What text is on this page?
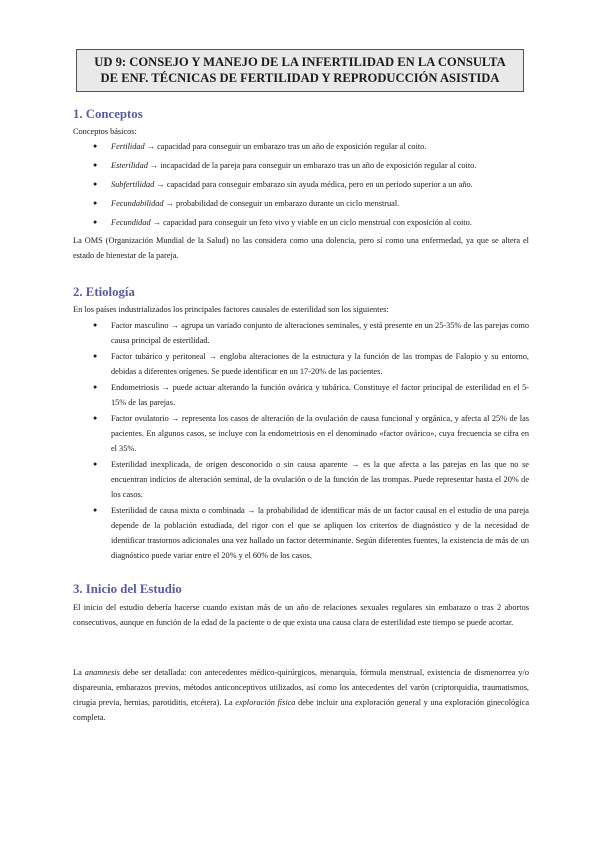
UD 9: CONSEJO Y MANEJO DE LA INFERTILIDAD EN LA CONSULTA
DE ENF. TÉCNICAS DE FERTILIDAD Y REPRODUCCIÓN ASISTIDA
1. Conceptos
Conceptos básicos:
● Fertilidad → capacidad para conseguir un embarazo tras un año de exposición regular al coito.
● Esterilidad → incapacidad de la pareja para conseguir un embarazo tras un año de exposición regular al coito.
● Subfertilidad → capacidad para conseguir embarazo sin ayuda médica, pero en un periodo superior a un año.
● Fecundabilidad → probabilidad de conseguir un embarazo durante un ciclo menstrual.
● Fecundidad → capacidad para conseguir un feto vivo y viable en un ciclo menstrual con exposición al coito.
La OMS (Organización Mundial de la Salud) no las considera como una dolencia, pero sí como una enfermedad, ya que se altera el estado de bienestar de la pareja.
2. Etiología
En los países industrializados los principales factores causales de esterilidad son los siguientes:
● Factor masculino → agrupa un variado conjunto de alteraciones seminales, y está presente en un 25-35% de las parejas como causa principal de esterilidad.
● Factor tubárico y peritoneal → engloba alteraciones de la estructura y la función de las trompas de Falopio y su entorno, debidas a diferentes orígenes. Se puede identificar en un 17-20% de las pacientes.
● Endometriosis → puede actuar alterando la función ovárica y tubárica. Constituye el factor principal de esterilidad en el 5-15% de las parejas.
● Factor ovulatorio → representa los casos de alteración de la ovulación de causa funcional y orgánica, y afecta al 25% de las pacientes. En algunos casos, se incluye con la endometriosis en el denominado «factor ovárico», cuya frecuencia se cifra en el 35%.
● Esterilidad inexplicada, de origen desconocido o sin causa aparente → es la que afecta a las parejas en las que no se encuentran indicios de alteración seminal, de la ovulación o de la función de las trompas. Puede representar hasta el 20% de los casos.
● Esterilidad de causa mixta o combinada → la probabilidad de identificar más de un factor causal en el estudio de una pareja depende de la población estudiada, del rigor con el que se apliquen los criterios de diagnóstico y de la necesidad de identificar trastornos adicionales una vez hallado un factor determinante. Según diferentes fuentes, la existencia de más de un diagnóstico puede variar entre el 20% y el 60% de los casos.
3. Inicio del Estudio
El inicio del estudio debería hacerse cuando existan más de un año de relaciones sexuales regulares sin embarazo o tras 2 abortos consecutivos, aunque en función de la edad de la paciente o de que exista una causa clara de esterilidad este tiempo se puede acortar.
La anamnesis debe ser detallada: con antecedentes médico-quirúrgicos, menarquía, fórmula menstrual, existencia de dismenorrea y/o dispareunia, embarazos previos, métodos anticonceptivos utilizados, así como los antecedentes del varón (criptorquidia, traumatismos, cirugía previa, hernias, parotiditis, etcétera). La exploración física debe incluir una exploración general y una exploración ginecológica completa.
